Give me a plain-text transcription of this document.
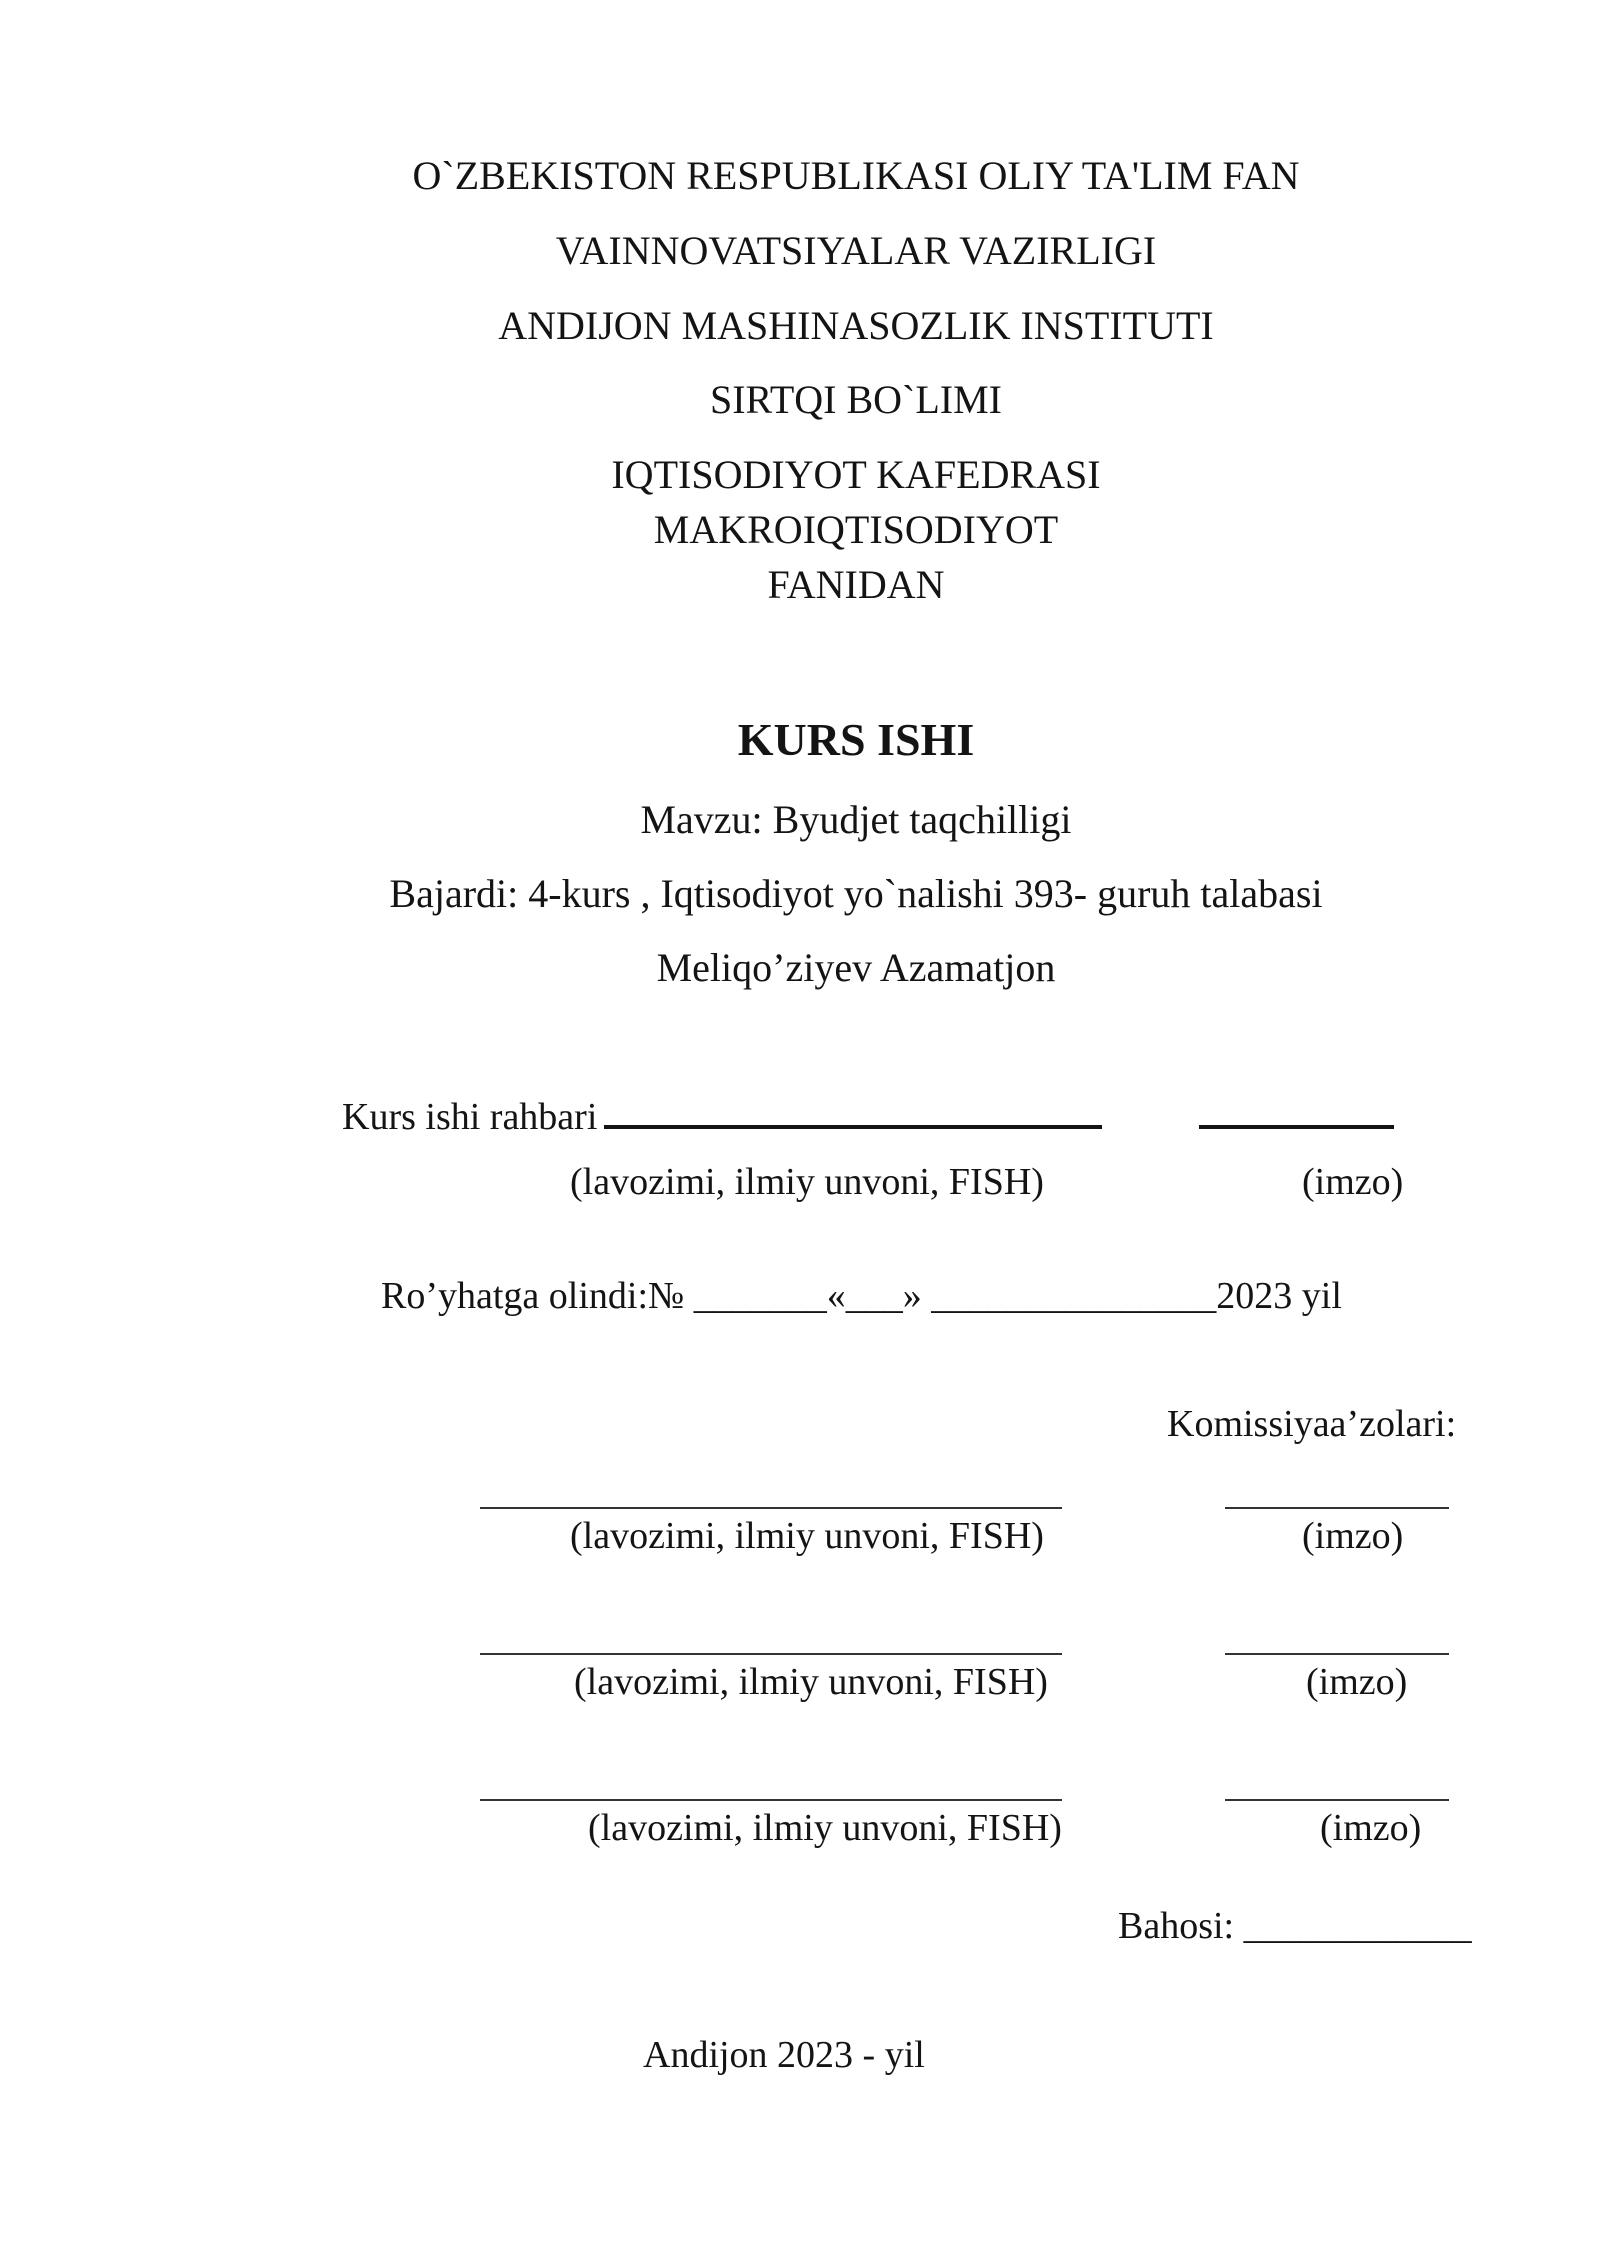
O`ZBEKISTON RESPUBLIKASI OLIY TA'LIM FAN
VAINNOVATSIYALAR VAZIRLIGI
ANDIJON MASHINASOZLIK INSTITUTI
SIRTQI BO`LIMI
IQTISODIYOT KAFEDRASI
MAKROIQTISODIYOT
FANIDAN
KURS ISHI
Mavzu: Byudjet taqchilligi
Bajardi: 4-kurs , Iqtisodiyot yo`nalishi 393- guruh talabasi
Meliqo’ziyev Azamatjon
Kurs ishi rahbari
(lavozimi, ilmiy unvoni, FISH)	(imzo)
Ro’yhatga olindi:№ _______«___» _______________2023 yil
Komissiyaa’zolari:
(lavozimi, ilmiy unvoni, FISH)	(imzo)
(lavozimi, ilmiy unvoni, FISH)	(imzo)
(lavozimi, ilmiy unvoni, FISH)	(imzo)
Bahosi: ____________
Andijon 2023 - yil
